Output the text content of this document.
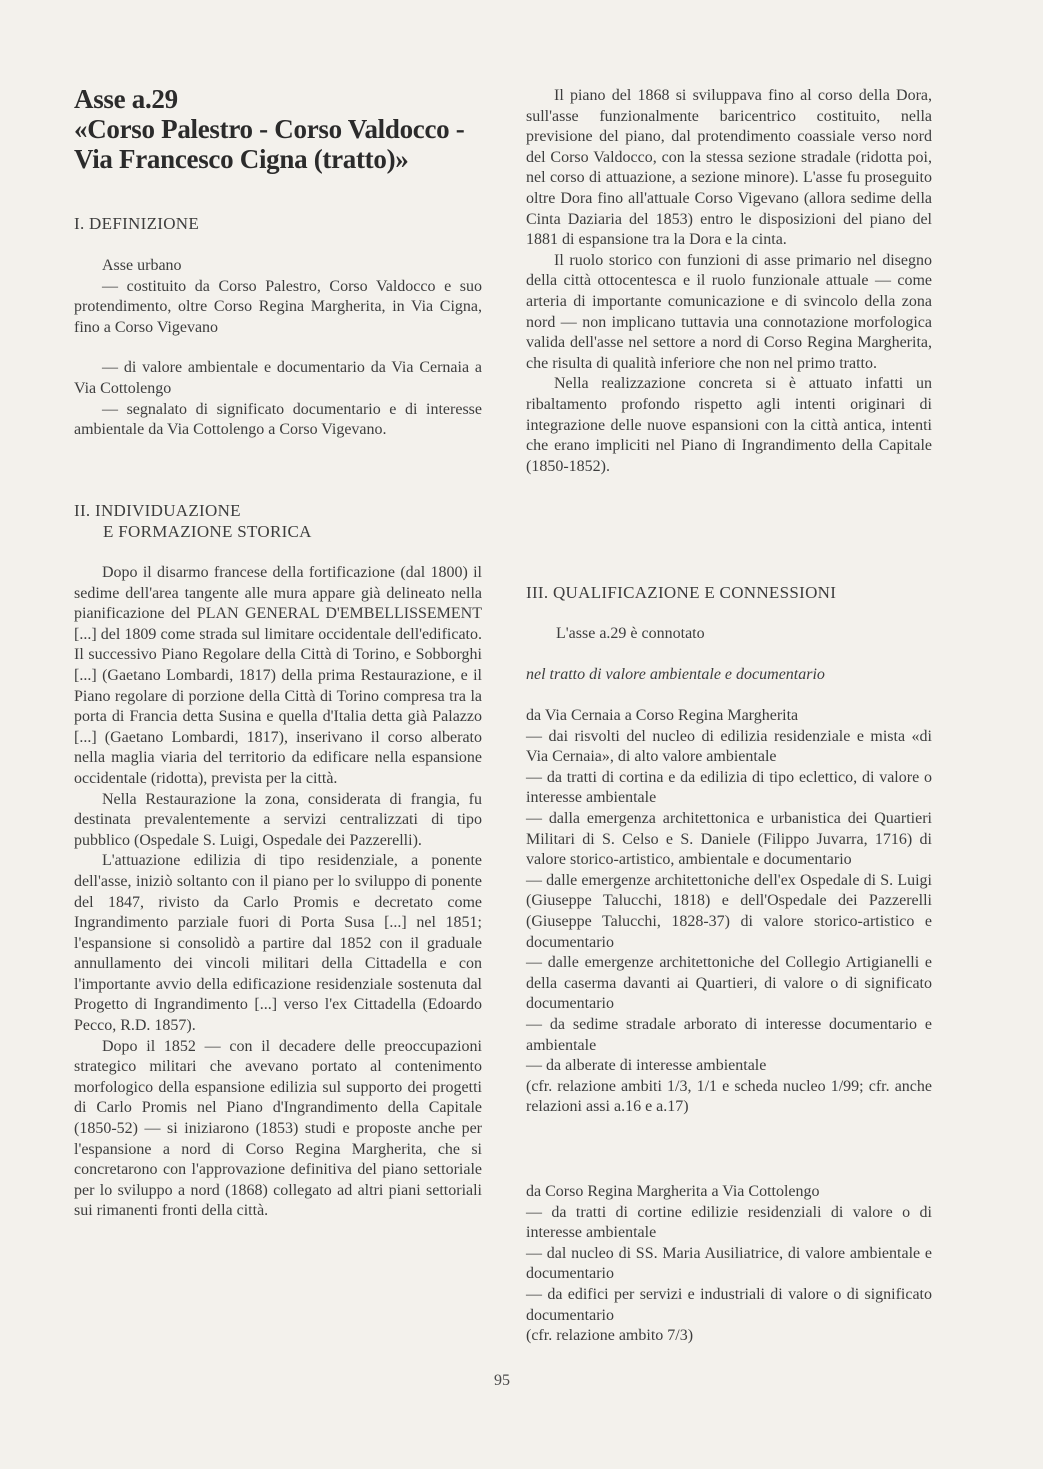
Asse a.29
«Corso Palestro - Corso Valdocco -
Via Francesco Cigna (tratto)»
I. DEFINIZIONE

Asse urbano

— costituito da Corso Palestro, Corso Valdocco e suo protendimento, oltre Corso Regina Margherita, in Via Cigna, fino a Corso Vigevano

— di valore ambientale e documentario da Via Cernaia a Via Cottolengo

— segnalato di significato documentario e di interesse ambientale da Via Cottolengo a Corso Vigevano.

II. INDIVIDUAZIONE
E FORMAZIONE STORICA

Dopo il disarmo francese della fortificazione (dal 1800) il sedime dell'area tangente alle mura appare già delineato nella pianificazione del PLAN GENERAL D'EMBELLISSEMENT [...] del 1809 come strada sul limitare occidentale dell'edificato. Il successivo Piano Regolare della Città di Torino, e Sobborghi [...] (Gaetano Lombardi, 1817) della prima Restaurazione, e il Piano regolare di porzione della Città di Torino compresa tra la porta di Francia detta Susina e quella d'Italia detta già Palazzo [...] (Gaetano Lombardi, 1817), inserivano il corso alberato nella maglia viaria del territorio da edificare nella espansione occidentale (ridotta), prevista per la città.

Nella Restaurazione la zona, considerata di frangia, fu destinata prevalentemente a servizi centralizzati di tipo pubblico (Ospedale S. Luigi, Ospedale dei Pazzerelli).

L'attuazione edilizia di tipo residenziale, a ponente dell'asse, iniziò soltanto con il piano per lo sviluppo di ponente del 1847, rivisto da Carlo Promis e decretato come Ingrandimento parziale fuori di Porta Susa [...] nel 1851; l'espansione si consolidò a partire dal 1852 con il graduale annullamento dei vincoli militari della Cittadella e con l'importante avvio della edificazione residenziale sostenuta dal Progetto di Ingrandimento [...] verso l'ex Cittadella (Edoardo Pecco, R.D. 1857).

Dopo il 1852 — con il decadere delle preoccupazioni strategico militari che avevano portato al contenimento morfologico della espansione edilizia sul supporto dei progetti di Carlo Promis nel Piano d'Ingrandimento della Capitale (1850-52) — si iniziarono (1853) studi e proposte anche per l'espansione a nord di Corso Regina Margherita, che si concretarono con l'approvazione definitiva del piano settoriale per lo sviluppo a nord (1868) collegato ad altri piani settoriali sui rimanenti fronti della città.

Il piano del 1868 si sviluppava fino al corso della Dora, sull'asse funzionalmente baricentrico costituito, nella previsione del piano, dal protendimento coassiale verso nord del Corso Valdocco, con la stessa sezione stradale (ridotta poi, nel corso di attuazione, a sezione minore). L'asse fu proseguito oltre Dora fino all'attuale Corso Vigevano (allora sedime della Cinta Daziaria del 1853) entro le disposizioni del piano del 1881 di espansione tra la Dora e la cinta.

Il ruolo storico con funzioni di asse primario nel disegno della città ottocentesca e il ruolo funzionale attuale — come arteria di importante comunicazione e di svincolo della zona nord — non implicano tuttavia una connotazione morfologica valida dell'asse nel settore a nord di Corso Regina Margherita, che risulta di qualità inferiore che non nel primo tratto.

Nella realizzazione concreta si è attuato infatti un ribaltamento profondo rispetto agli intenti originari di integrazione delle nuove espansioni con la città antica, intenti che erano impliciti nel Piano di Ingrandimento della Capitale (1850-1852).

III. QUALIFICAZIONE E CONNESSIONI
L'asse a.29 è connotato
nel tratto di valore ambientale e documentario

da Via Cernaia a Corso Regina Margherita

— dai risvolti del nucleo di edilizia residenziale e mista «di Via Cernaia», di alto valore ambientale

— da tratti di cortina e da edilizia di tipo eclettico, di valore o interesse ambientale

— dalla emergenza architettonica e urbanistica dei Quartieri Militari di S. Celso e S. Daniele (Filippo Juvarra, 1716) di valore storico-artistico, ambientale e documentario

— dalle emergenze architettoniche dell'ex Ospedale di S. Luigi (Giuseppe Talucchi, 1818) e dell'Ospedale dei Pazzerelli (Giuseppe Talucchi, 1828-37) di valore storico-artistico e documentario

— dalle emergenze architettoniche del Collegio Artigianelli e della caserma davanti ai Quartieri, di valore o di significato documentario

— da sedime stradale arborato di interesse documentario e ambientale

— da alberate di interesse ambientale

(cfr. relazione ambiti 1/3, 1/1 e scheda nucleo 1/99; cfr. anche relazioni assi a.16 e a.17)

da Corso Regina Margherita a Via Cottolengo

— da tratti di cortine edilizie residenziali di valore o di interesse ambientale

— dal nucleo di SS. Maria Ausiliatrice, di valore ambientale e documentario

— da edifici per servizi e industriali di valore o di significato documentario

(cfr. relazione ambito 7/3)

95
